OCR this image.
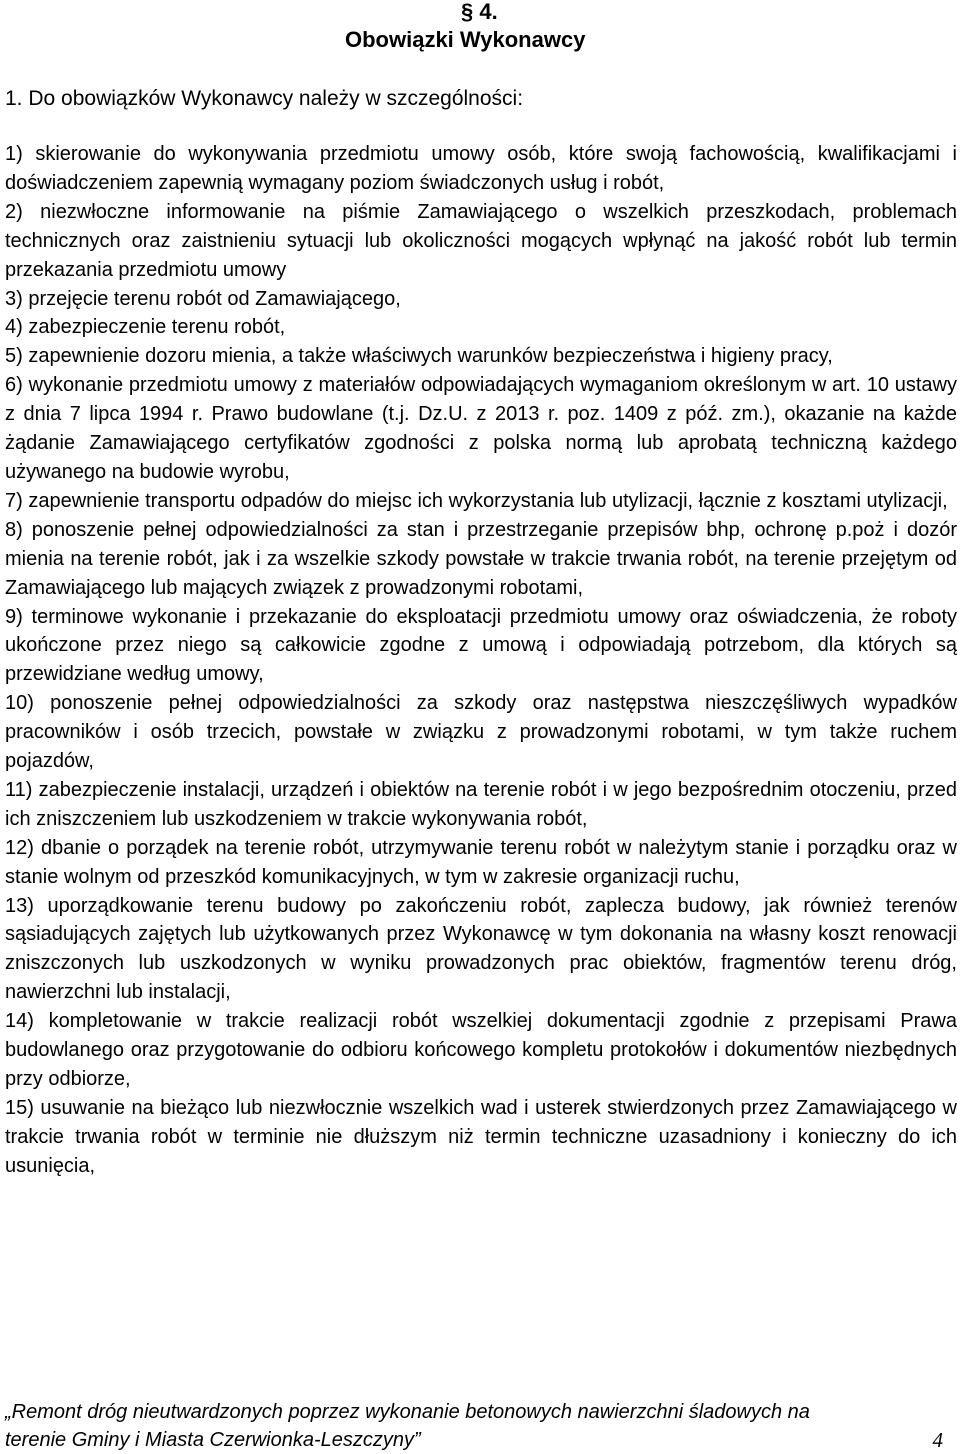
§ 4.

Obowiązki Wykonawcy

1. Do obowiązków Wykonawcy należy w szczególności:

1) skierowanie do wykonywania przedmiotu umowy osób, które swoją fachowością, kwalifikacjami i doświadczeniem zapewnią wymagany poziom świadczonych usług i robót,

2) niezwłoczne informowanie na piśmie Zamawiającego o wszelkich przeszkodach, problemach technicznych oraz zaistnieniu sytuacji lub okoliczności mogących wpłynąć na jakość robót lub termin przekazania przedmiotu umowy

3) przejęcie terenu robót od Zamawiającego,

4) zabezpieczenie terenu robót,

5) zapewnienie dozoru mienia, a także właściwych warunków bezpieczeństwa i higieny pracy,

6) wykonanie przedmiotu umowy z materiałów odpowiadających wymaganiom określonym w art. 10 ustawy z dnia 7 lipca 1994 r. Prawo budowlane (t.j. Dz.U. z 2013 r. poz. 1409 z póź. zm.), okazanie na każde żądanie Zamawiającego certyfikatów zgodności z polska normą lub aprobatą techniczną każdego używanego na budowie wyrobu,

7) zapewnienie transportu odpadów do miejsc ich wykorzystania lub utylizacji, łącznie z kosztami utylizacji,

8) ponoszenie pełnej odpowiedzialności za stan i przestrzeganie przepisów bhp, ochronę p.poż i dozór mienia na terenie robót, jak i za wszelkie szkody powstałe w trakcie trwania robót, na terenie przejętym od Zamawiającego lub mających związek z prowadzonymi robotami,

9) terminowe wykonanie i przekazanie do eksploatacji przedmiotu umowy oraz oświadczenia, że roboty ukończone przez niego są całkowicie zgodne z umową i odpowiadają potrzebom, dla których są przewidziane według umowy,

10) ponoszenie pełnej odpowiedzialności za szkody oraz następstwa nieszczęśliwych wypadków pracowników i osób trzecich, powstałe w związku z prowadzonymi robotami, w tym także ruchem pojazdów,

11) zabezpieczenie instalacji, urządzeń i obiektów na terenie robót i w jego bezpośrednim otoczeniu, przed ich zniszczeniem lub uszkodzeniem w trakcie wykonywania robót,

12) dbanie o porządek na terenie robót, utrzymywanie terenu robót w należytym stanie i porządku oraz w stanie wolnym od przeszkód komunikacyjnych, w tym w zakresie organizacji ruchu,

13) uporządkowanie terenu budowy po zakończeniu robót, zaplecza budowy, jak również terenów sąsiadujących zajętych lub użytkowanych przez Wykonawcę w tym dokonania na własny koszt renowacji zniszczonych lub uszkodzonych w wyniku prowadzonych prac obiektów, fragmentów terenu dróg, nawierzchni lub instalacji,

14) kompletowanie w trakcie realizacji robót wszelkiej dokumentacji zgodnie z przepisami Prawa budowlanego oraz przygotowanie do odbioru końcowego kompletu protokołów i dokumentów niezbędnych przy odbiorze,

15) usuwanie na bieżąco lub niezwłocznie wszelkich wad i usterek stwierdzonych przez Zamawiającego w trakcie trwania robót w terminie nie dłuższym niż termin techniczne uzasadniony i konieczny do ich usunięcia,

„Remont dróg nieutwardzonych poprzez wykonanie betonowych nawierzchni śladowych na
terenie Gminy i Miasta Czerwionka-Leszczyny”	4
